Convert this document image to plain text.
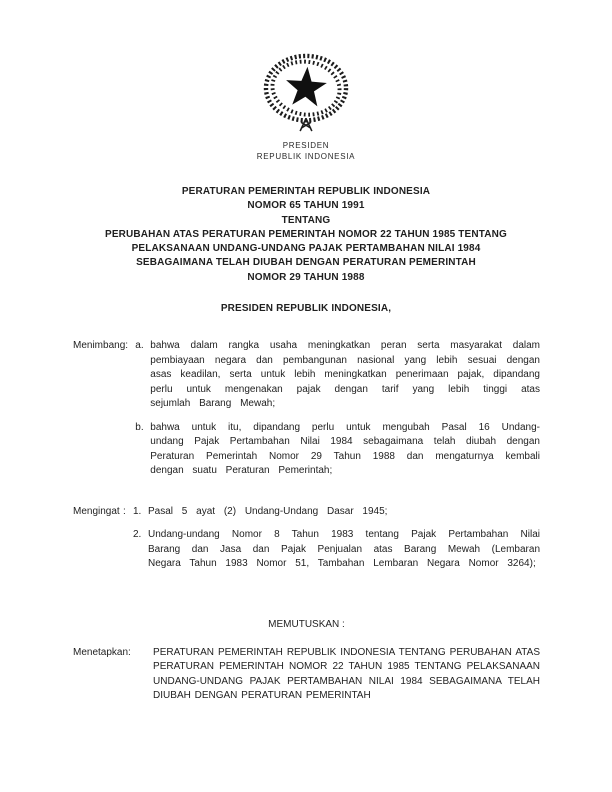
PRESIDEN
REPUBLIK INDONESIA
PERATURAN PEMERINTAH REPUBLIK INDONESIA
NOMOR 65 TAHUN 1991
TENTANG
PERUBAHAN ATAS PERATURAN PEMERINTAH NOMOR 22 TAHUN 1985 TENTANG
PELAKSANAAN UNDANG-UNDANG PAJAK PERTAMBAHAN NILAI 1984
SEBAGAIMANA TELAH DIUBAH DENGAN PERATURAN PEMERINTAH
NOMOR 29 TAHUN 1988
PRESIDEN REPUBLIK INDONESIA,
Menimbang : a. bahwa dalam rangka usaha meningkatkan peran serta masyarakat dalam pembiayaan negara dan pembangunan nasional yang lebih sesuai dengan asas keadilan, serta untuk lebih meningkatkan penerimaan pajak, dipandang perlu untuk mengenakan pajak dengan tarif yang lebih tinggi atas sejumlah Barang Mewah;
b. bahwa untuk itu, dipandang perlu untuk mengubah Pasal 16 Undang-undang Pajak Pertambahan Nilai 1984 sebagaimana telah diubah dengan Peraturan Pemerintah Nomor 29 Tahun 1988 dan mengaturnya kembali dengan suatu Peraturan Pemerintah;
Mengingat : 1. Pasal 5 ayat (2) Undang-Undang Dasar 1945;
2. Undang-undang Nomor 8 Tahun 1983 tentang Pajak Pertambahan Nilai Barang dan Jasa dan Pajak Penjualan atas Barang Mewah (Lembaran Negara Tahun 1983 Nomor 51, Tambahan Lembaran Negara Nomor 3264);
MEMUTUSKAN :
Menetapkan :	PERATURAN PEMERINTAH REPUBLIK INDONESIA TENTANG PERUBAHAN ATAS PERATURAN PEMERINTAH NOMOR 22 TAHUN 1985 TENTANG PELAKSANAAN UNDANG-UNDANG PAJAK PERTAMBAHAN NILAI 1984 SEBAGAIMANA TELAH DIUBAH DENGAN PERATURAN PEMERINTAH
